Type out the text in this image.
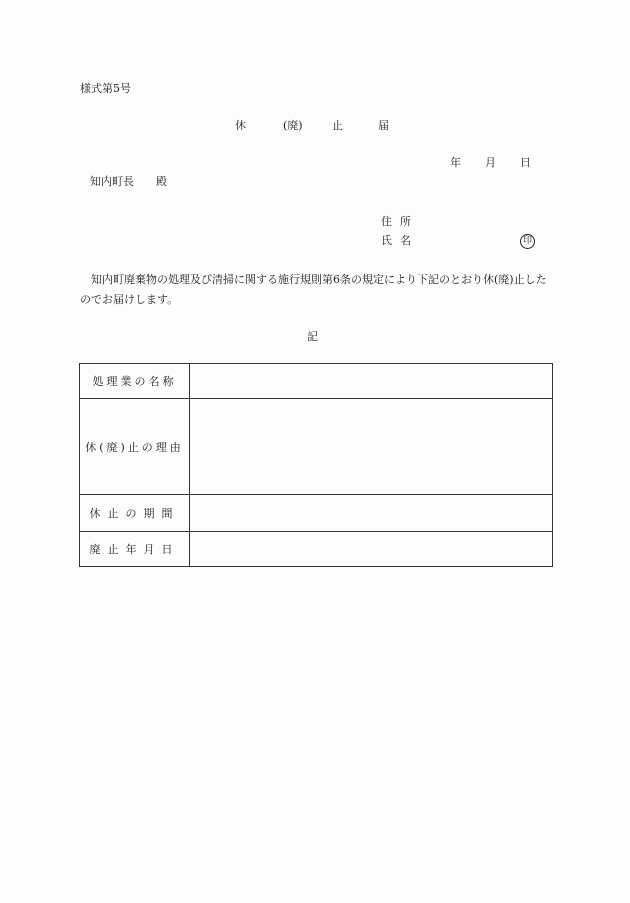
様式第5号
休	(廃)	止	届
年 月 日
知内町長　　殿
住所
氏名	印
知内町廃棄物の処理及び清掃に関する施行規則第6条の規定により下記のとおり休(廃)止したのでお届けします。
記
処理業の名称	
休(廃)止の理由	
休止の期間	
廃止年月日	
